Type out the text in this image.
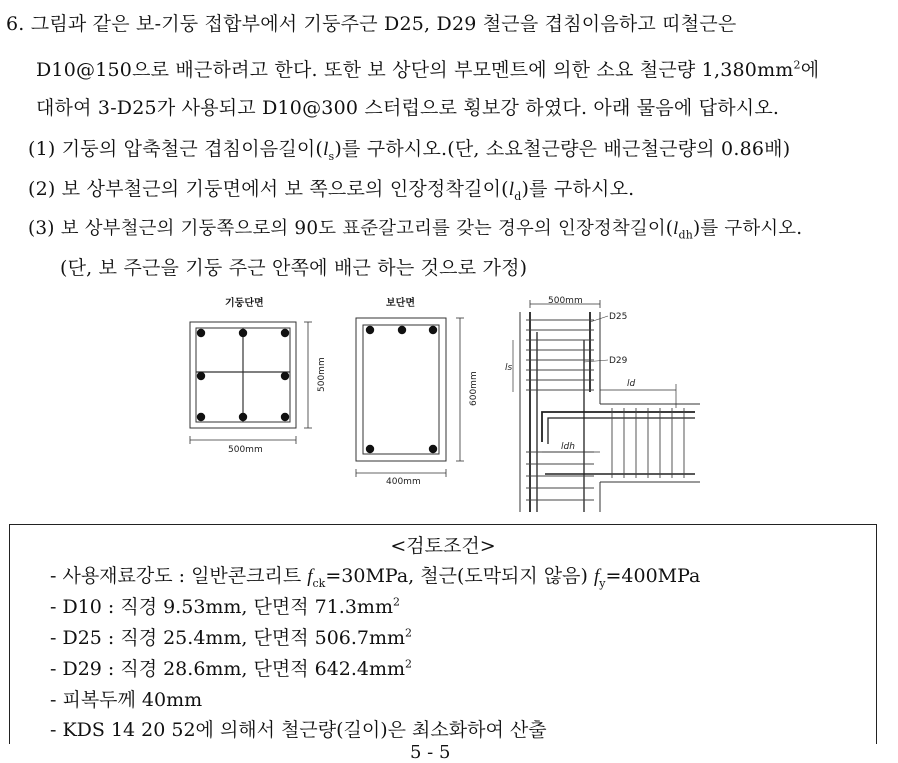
6. 그림과 같은 보-기둥 접합부에서 기둥주근 D25, D29 철근을 겹침이음하고 띠철근은
D10@150으로 배근하려고 한다. 또한 보 상단의 부모멘트에 의한 소요 철근량 $1,380mm^2$에
대하여 3-D25가 사용되고 D10@300 스터럽으로 횡보강 하였다. 아래 물음에 답하시오.
(1) 기둥의 압축철근 겹침이음길이$(l_s)$를 구하시오.(단, 소요철근량은 배근철근량의 0.86배)
(2) 보 상부철근의 기둥면에서 보 쪽으로의 인장정착길이$(l_d)$를 구하시오.
(3) 보 상부철근의 기둥쪽으로의 90도 표준갈고리를 갖는 경우의 인장정착길이$(l_{dh})$를 구하시오.
(단, 보 주근을 기둥 주근 안쪽에 배근 하는 것으로 가정)
기둥단면
500mm
500mm
보단면
400mm
600mm
500mm
D25
D29
ls
ld
ldh
<검토조건>
- 사용재료강도 : 일반콘크리트 $f_{ck}=30MPa$, 철근(도막되지 않음) $f_y=400MPa$
- D10 : 직경 9.53mm, 단면적 $71.3mm^2$
- D25 : 직경 25.4mm, 단면적 $506.7mm^2$
- D29 : 직경 28.6mm, 단면적 $642.4mm^2$
- 피복두께 40mm
- KDS 14 20 52에 의해서 철근량(길이)은 최소화하여 산출
5 - 5
